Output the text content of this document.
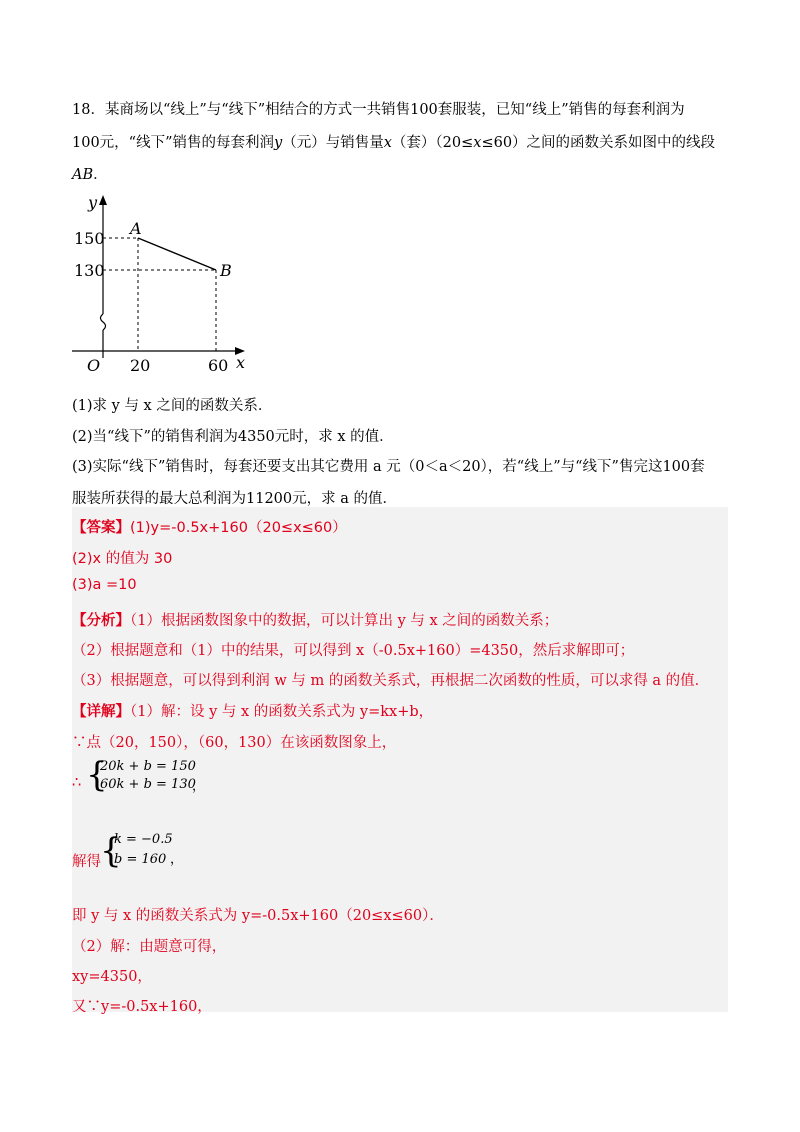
18．某商场以“线上”与“线下”相结合的方式一共销售100套服装，已知“线上”销售的每套利润为
100元，“线下”销售的每套利润y（元）与销售量x（套）（20≤x≤60）之间的函数关系如图中的线段
AB．
y
x
O
A
B
150
130
20	60
(1)求 y 与 x 之间的函数关系．
(2)当“线下”的销售利润为4350元时，求 x 的值．
(3)实际“线下”销售时，每套还要支出其它费用 a 元（0＜a＜20），若“线上”与“线下”售完这100套
服装所获得的最大总利润为11200元，求 a 的值．
【答案】(1)y=-0.5x+160（20≤x≤60）
(2)x 的值为 30
(3)a =10
【分析】（1）根据函数图象中的数据，可以计算出 y 与 x 之间的函数关系；
（2）根据题意和（1）中的结果，可以得到 x（-0.5x+160）=4350，然后求解即可；
（3）根据题意，可以得到利润 w 与 m 的函数关系式，再根据二次函数的性质，可以求得 a 的值．
【详解】（1）解：设 y 与 x 的函数关系式为 y=kx+b，
∵点（20，150），（60，130）在该函数图象上，
∴ {
20k + b = 150
60k + b = 130
，
解得 {
k = −0.5
b = 160 ，
即 y 与 x 的函数关系式为 y=-0.5x+160（20≤x≤60）．
（2）解：由题意可得，
xy=4350，
又∵y=-0.5x+160，
